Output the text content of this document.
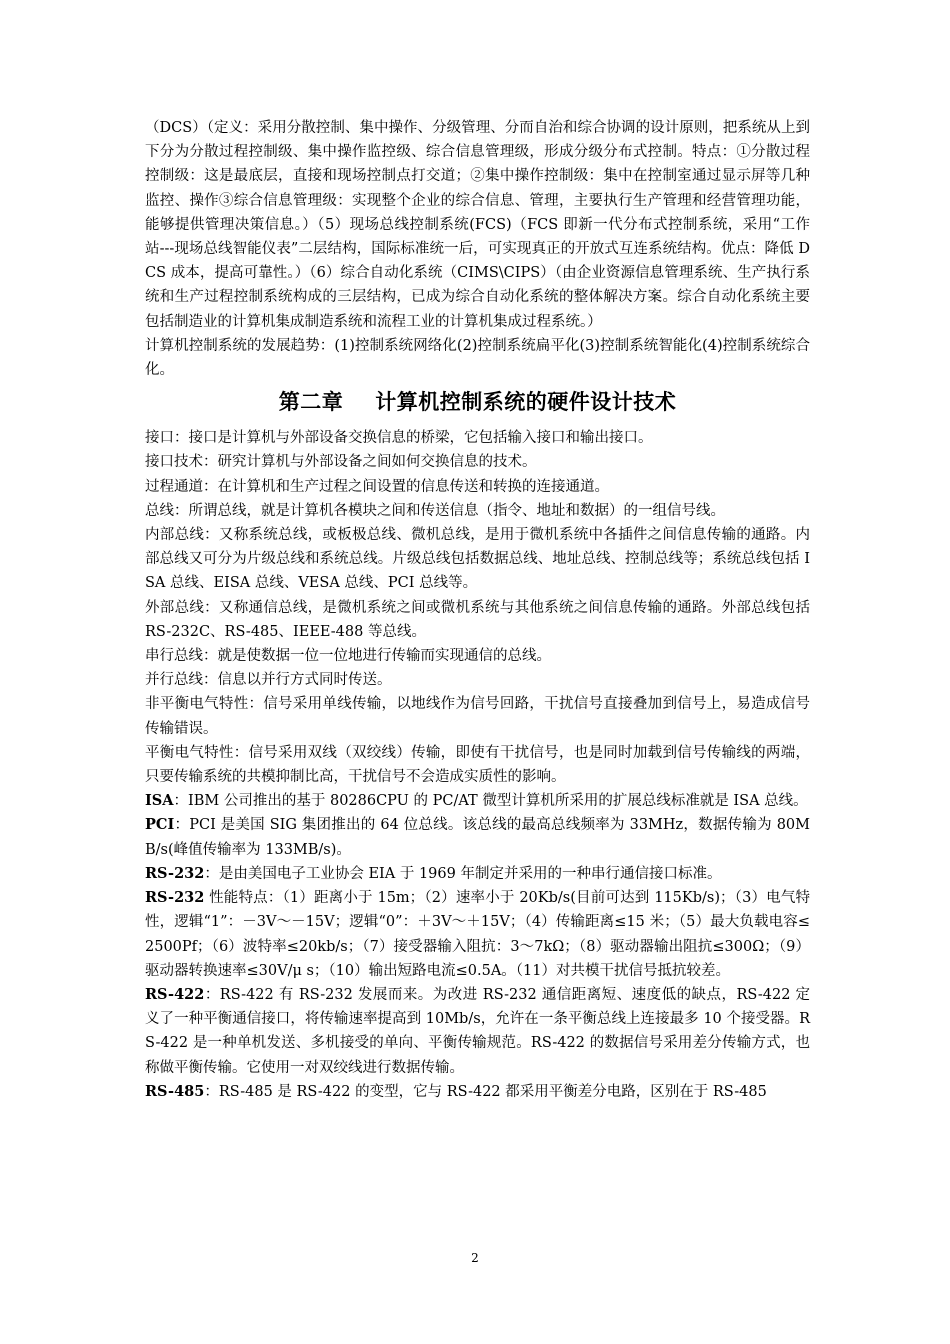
（DCS）（定义：采用分散控制、集中操作、分级管理、分而自治和综合协调的设计原则，把系统从上到下分为分散过程控制级、集中操作监控级、综合信息管理级，形成分级分布式控制。特点：①分散过程控制级：这是最底层，直接和现场控制点打交道；②集中操作控制级：集中在控制室通过显示屏等几种监控、操作③综合信息管理级：实现整个企业的综合信息、管理，主要执行生产管理和经营管理功能，能够提供管理决策信息。）（5）现场总线控制系统(FCS)（FCS 即新一代分布式控制系统，采用“工作站---现场总线智能仪表”二层结构，国际标准统一后，可实现真正的开放式互连系统结构。优点：降低 DCS 成本，提高可靠性。）（6）综合自动化系统（CIMS\CIPS）（由企业资源信息管理系统、生产执行系统和生产过程控制系统构成的三层结构，已成为综合自动化系统的整体解决方案。综合自动化系统主要包括制造业的计算机集成制造系统和流程工业的计算机集成过程系统。）

计算机控制系统的发展趋势：(1)控制系统网络化(2)控制系统扁平化(3)控制系统智能化(4)控制系统综合化。

第二章 计算机控制系统的硬件设计技术

接口：接口是计算机与外部设备交换信息的桥梁，它包括输入接口和输出接口。

接口技术：研究计算机与外部设备之间如何交换信息的技术。

过程通道：在计算机和生产过程之间设置的信息传送和转换的连接通道。

总线：所谓总线，就是计算机各模块之间和传送信息（指令、地址和数据）的一组信号线。

内部总线：又称系统总线，或板极总线、微机总线，是用于微机系统中各插件之间信息传输的通路。内部总线又可分为片级总线和系统总线。片级总线包括数据总线、地址总线、控制总线等；系统总线包括 ISA 总线、EISA 总线、VESA 总线、PCI 总线等。

外部总线：又称通信总线，是微机系统之间或微机系统与其他系统之间信息传输的通路。外部总线包括 RS-232C、RS-485、IEEE-488 等总线。

串行总线：就是使数据一位一位地进行传输而实现通信的总线。

并行总线：信息以并行方式同时传送。

非平衡电气特性：信号采用单线传输，以地线作为信号回路，干扰信号直接叠加到信号上，易造成信号传输错误。

平衡电气特性：信号采用双线（双绞线）传输，即使有干扰信号，也是同时加载到信号传输线的两端，只要传输系统的共模抑制比高，干扰信号不会造成实质性的影响。

ISA：IBM 公司推出的基于 80286CPU 的 PC/AT 微型计算机所采用的扩展总线标准就是 ISA 总线。

PCI：PCI 是美国 SIG 集团推出的 64 位总线。该总线的最高总线频率为 33MHz，数据传输为 80MB/s(峰值传输率为 133MB/s)。

RS-232：是由美国电子工业协会 EIA 于 1969 年制定并采用的一种串行通信接口标准。

RS-232 性能特点：（1）距离小于 15m；（2）速率小于 20Kb/s(目前可达到 115Kb/s)；（3）电气特性，逻辑“1”：－3V～－15V；逻辑“0”：＋3V～＋15V；（4）传输距离≤15 米；（5）最大负载电容≤2500Pf；（6）波特率≤20kb/s；（7）接受器输入阻抗：3～7kΩ；（8）驱动器输出阻抗≤300Ω；（9）驱动器转换速率≤30V/μ s；（10）输出短路电流≤0.5A。（11）对共模干扰信号抵抗较差。

RS-422：RS-422 有 RS-232 发展而来。为改进 RS-232 通信距离短、速度低的缺点，RS-422 定义了一种平衡通信接口，将传输速率提高到 10Mb/s，允许在一条平衡总线上连接最多 10 个接受器。RS-422 是一种单机发送、多机接受的单向、平衡传输规范。RS-422 的数据信号采用差分传输方式，也称做平衡传输。它使用一对双绞线进行数据传输。

RS-485：RS-485 是 RS-422 的变型，它与 RS-422 都采用平衡差分电路，区别在于 RS-485

2
